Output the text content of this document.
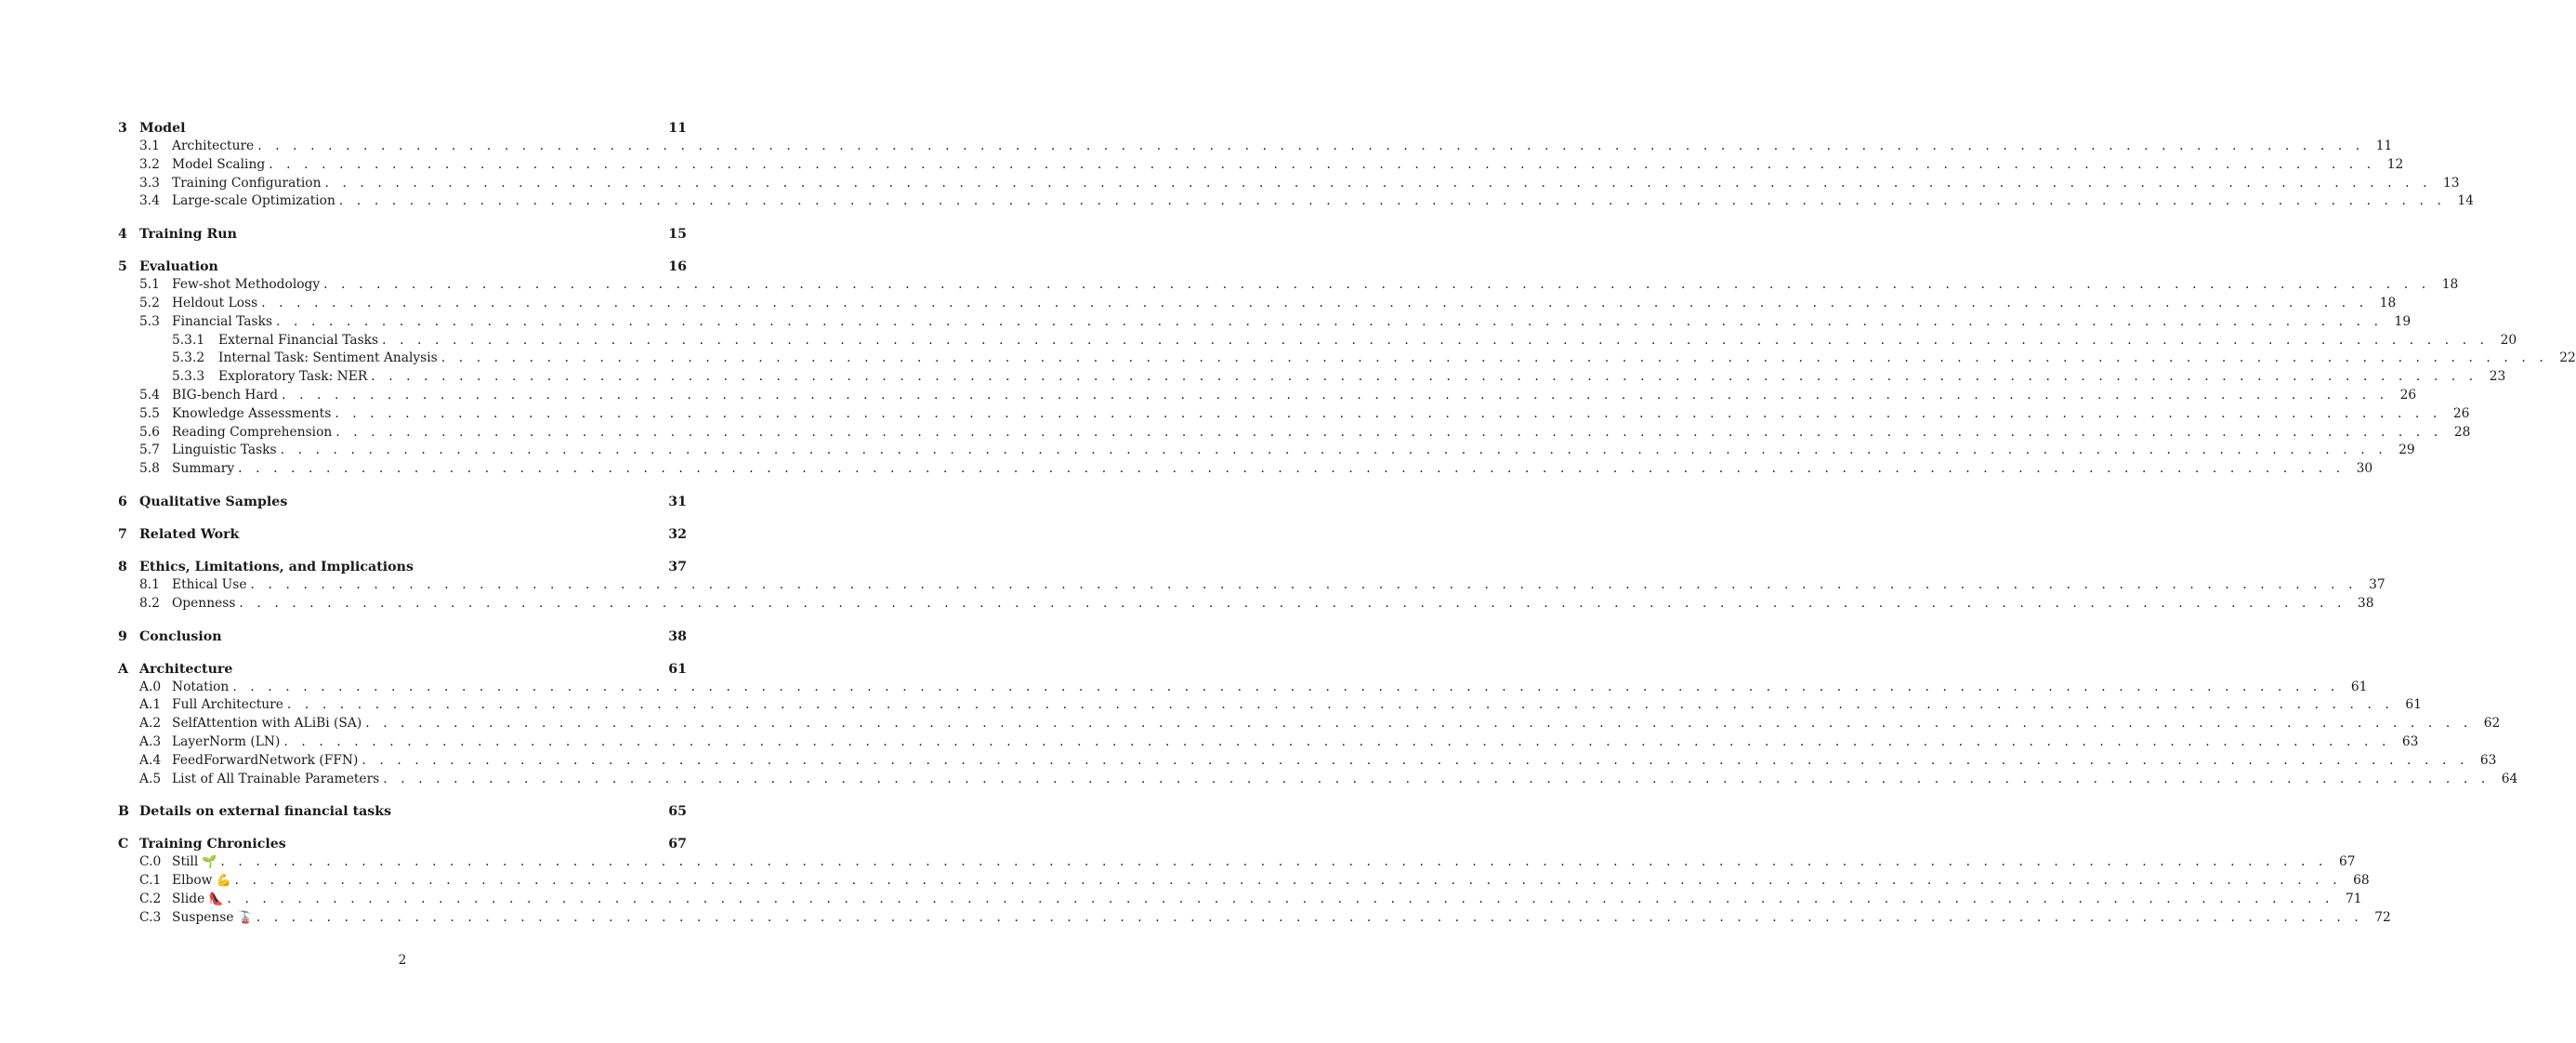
3 Model	11
3.1 Architecture . . . . . . . . . . . . . . . . . . . . . . . . . . . . . . . . . . . . . . . . . . . . . . . . . . . . . . . . . . . . . . . . . . . . . . . . . . . . . . . . . . . . . . . . . . . . . . . . . . . . . . . . . . . . . . . . . . . . . . . . 11
3.2 Model Scaling . . . . . . . . . . . . . . . . . . . . . . . . . . . . . . . . . . . . . . . . . . . . . . . . . . . . . . . . . . . . . . . . . . . . . . . . . . . . . . . . . . . . . . . . . . . . . . . . . . . . . . . . . . . . . . . . . . . . . . . . 12
3.3 Training Configuration . . . . . . . . . . . . . . . . . . . . . . . . . . . . . . . . . . . . . . . . . . . . . . . . . . . . . . . . . . . . . . . . . . . . . . . . . . . . . . . . . . . . . . . . . . . . . . . . . . . . . . . . . . . . . . . . . . . . . . . . 13
3.4 Large-scale Optimization . . . . . . . . . . . . . . . . . . . . . . . . . . . . . . . . . . . . . . . . . . . . . . . . . . . . . . . . . . . . . . . . . . . . . . . . . . . . . . . . . . . . . . . . . . . . . . . . . . . . . . . . . . . . . . . . . . . . . . . . 14
4 Training Run	15
5 Evaluation	16
5.1 Few-shot Methodology . . . . . . . . . . . . . . . . . . . . . . . . . . . . . . . . . . . . . . . . . . . . . . . . . . . . . . . . . . . . . . . . . . . . . . . . . . . . . . . . . . . . . . . . . . . . . . . . . . . . . . . . . . . . . . . . . . . . . . . . 18
5.2 Heldout Loss . . . . . . . . . . . . . . . . . . . . . . . . . . . . . . . . . . . . . . . . . . . . . . . . . . . . . . . . . . . . . . . . . . . . . . . . . . . . . . . . . . . . . . . . . . . . . . . . . . . . . . . . . . . . . . . . . . . . . . . . 18
5.3 Financial Tasks . . . . . . . . . . . . . . . . . . . . . . . . . . . . . . . . . . . . . . . . . . . . . . . . . . . . . . . . . . . . . . . . . . . . . . . . . . . . . . . . . . . . . . . . . . . . . . . . . . . . . . . . . . . . . . . . . . . . . . . . 19
5.3.1	External Financial Tasks . . . . . . . . . . . . . . . . . . . . . . . . . . . . . . . . . . . . . . . . . . . . . . . . . . . . . . . . . . . . . . . . . . . . . . . . . . . . . . . . . . . . . . . . . . . . . . . . . . . . . . . . . . . . . . . . . . . . . . . . 20
5.3.2	Internal Task: Sentiment Analysis . . . . . . . . . . . . . . . . . . . . . . . . . . . . . . . . . . . . . . . . . . . . . . . . . . . . . . . . . . . . . . . . . . . . . . . . . . . . . . . . . . . . . . . . . . . . . . . . . . . . . . . . . . . . . . . . . . . . . . . . 22
5.3.3	Exploratory Task: NER . . . . . . . . . . . . . . . . . . . . . . . . . . . . . . . . . . . . . . . . . . . . . . . . . . . . . . . . . . . . . . . . . . . . . . . . . . . . . . . . . . . . . . . . . . . . . . . . . . . . . . . . . . . . . . . . . . . . . . . . 23
5.4 BIG-bench Hard . . . . . . . . . . . . . . . . . . . . . . . . . . . . . . . . . . . . . . . . . . . . . . . . . . . . . . . . . . . . . . . . . . . . . . . . . . . . . . . . . . . . . . . . . . . . . . . . . . . . . . . . . . . . . . . . . . . . . . . . 26
5.5 Knowledge Assessments . . . . . . . . . . . . . . . . . . . . . . . . . . . . . . . . . . . . . . . . . . . . . . . . . . . . . . . . . . . . . . . . . . . . . . . . . . . . . . . . . . . . . . . . . . . . . . . . . . . . . . . . . . . . . . . . . . . . . . . . 26
5.6 Reading Comprehension . . . . . . . . . . . . . . . . . . . . . . . . . . . . . . . . . . . . . . . . . . . . . . . . . . . . . . . . . . . . . . . . . . . . . . . . . . . . . . . . . . . . . . . . . . . . . . . . . . . . . . . . . . . . . . . . . . . . . . . . 28
5.7 Linguistic Tasks . . . . . . . . . . . . . . . . . . . . . . . . . . . . . . . . . . . . . . . . . . . . . . . . . . . . . . . . . . . . . . . . . . . . . . . . . . . . . . . . . . . . . . . . . . . . . . . . . . . . . . . . . . . . . . . . . . . . . . . . 29
5.8 Summary . . . . . . . . . . . . . . . . . . . . . . . . . . . . . . . . . . . . . . . . . . . . . . . . . . . . . . . . . . . . . . . . . . . . . . . . . . . . . . . . . . . . . . . . . . . . . . . . . . . . . . . . . . . . . . . . . . . . . . . . 30
6 Qualitative Samples	31
7 Related Work	32
8 Ethics, Limitations, and Implications	37
8.1 Ethical Use . . . . . . . . . . . . . . . . . . . . . . . . . . . . . . . . . . . . . . . . . . . . . . . . . . . . . . . . . . . . . . . . . . . . . . . . . . . . . . . . . . . . . . . . . . . . . . . . . . . . . . . . . . . . . . . . . . . . . . . . 37
8.2 Openness . . . . . . . . . . . . . . . . . . . . . . . . . . . . . . . . . . . . . . . . . . . . . . . . . . . . . . . . . . . . . . . . . . . . . . . . . . . . . . . . . . . . . . . . . . . . . . . . . . . . . . . . . . . . . . . . . . . . . . . . 38
9 Conclusion	38
A Architecture	61
A.0 Notation . . . . . . . . . . . . . . . . . . . . . . . . . . . . . . . . . . . . . . . . . . . . . . . . . . . . . . . . . . . . . . . . . . . . . . . . . . . . . . . . . . . . . . . . . . . . . . . . . . . . . . . . . . . . . . . . . . . . . . . . 61
A.1 Full Architecture . . . . . . . . . . . . . . . . . . . . . . . . . . . . . . . . . . . . . . . . . . . . . . . . . . . . . . . . . . . . . . . . . . . . . . . . . . . . . . . . . . . . . . . . . . . . . . . . . . . . . . . . . . . . . . . . . . . . . . . . 61
A.2 SelfAttention with ALiBi (SA) . . . . . . . . . . . . . . . . . . . . . . . . . . . . . . . . . . . . . . . . . . . . . . . . . . . . . . . . . . . . . . . . . . . . . . . . . . . . . . . . . . . . . . . . . . . . . . . . . . . . . . . . . . . . . . . . . . . . . . . . 62
A.3 LayerNorm (LN) . . . . . . . . . . . . . . . . . . . . . . . . . . . . . . . . . . . . . . . . . . . . . . . . . . . . . . . . . . . . . . . . . . . . . . . . . . . . . . . . . . . . . . . . . . . . . . . . . . . . . . . . . . . . . . . . . . . . . . . . 63
A.4 FeedForwardNetwork (FFN) . . . . . . . . . . . . . . . . . . . . . . . . . . . . . . . . . . . . . . . . . . . . . . . . . . . . . . . . . . . . . . . . . . . . . . . . . . . . . . . . . . . . . . . . . . . . . . . . . . . . . . . . . . . . . . . . . . . . . . . . 63
A.5 List of All Trainable Parameters . . . . . . . . . . . . . . . . . . . . . . . . . . . . . . . . . . . . . . . . . . . . . . . . . . . . . . . . . . . . . . . . . . . . . . . . . . . . . . . . . . . . . . . . . . . . . . . . . . . . . . . . . . . . . . . . . . . . . . . . 64
B Details on external financial tasks	65
C Training Chronicles	67
C.0 Still 🌱 . . . . . . . . . . . . . . . . . . . . . . . . . . . . . . . . . . . . . . . . . . . . . . . . . . . . . . . . . . . . . . . . . . . . . . . . . . . . . . . . . . . . . . . . . . . . . . . . . . . . . . . . . . . . . . . . . . . . . . . . 67
C.1 Elbow 💪 . . . . . . . . . . . . . . . . . . . . . . . . . . . . . . . . . . . . . . . . . . . . . . . . . . . . . . . . . . . . . . . . . . . . . . . . . . . . . . . . . . . . . . . . . . . . . . . . . . . . . . . . . . . . . . . . . . . . . . . . 68
C.2 Slide 👠 . . . . . . . . . . . . . . . . . . . . . . . . . . . . . . . . . . . . . . . . . . . . . . . . . . . . . . . . . . . . . . . . . . . . . . . . . . . . . . . . . . . . . . . . . . . . . . . . . . . . . . . . . . . . . . . . . . . . . . . . 71
C.3 Suspense 🚡 . . . . . . . . . . . . . . . . . . . . . . . . . . . . . . . . . . . . . . . . . . . . . . . . . . . . . . . . . . . . . . . . . . . . . . . . . . . . . . . . . . . . . . . . . . . . . . . . . . . . . . . . . . . . . . . . . . . . . . . . 72
2
